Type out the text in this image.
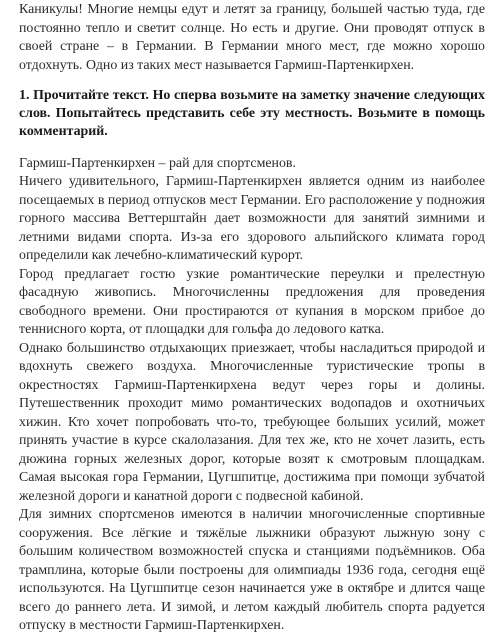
Каникулы! Многие немцы едут и летят за границу, большей частью туда, где постоянно тепло и светит солнце. Но есть и другие. Они проводят отпуск в своей стране – в Германии. В Германии много мест, где можно хорошо отдохнуть. Одно из таких мест называется Гармиш-Партенкирхен.

1. Прочитайте текст. Но сперва возьмите на заметку значение следующих слов. Попытайтесь представить себе эту местность. Возьмите в помощь комментарий.

Гармиш-Партенкирхен – рай для спортсменов.

Ничего удивительного, Гармиш-Партенкирхен является одним из наиболее посещаемых в период отпусков мест Германии. Его расположение у подножия горного массива Веттерштайн дает возможности для занятий зимними и летними видами спорта. Из-за его здорового альпийского климата город определили как лечебно-климатический курорт.

Город предлагает гостю узкие романтические переулки и прелестную фасадную живопись. Многочисленны предложения для проведения свободного времени. Они простираются от купания в морском прибое до теннисного корта, от площадки для гольфа до ледового катка.

Однако большинство отдыхающих приезжает, чтобы насладиться природой и вдохнуть свежего воздуха. Многочисленные туристические тропы в окрестностях Гармиш-Партенкирхена ведут через горы и долины. Путешественник проходит мимо романтических водопадов и охотничьих хижин. Кто хочет попробовать что-то, требующее больших усилий, может принять участие в курсе скалолазания. Для тех же, кто не хочет лазить, есть дюжина горных железных дорог, которые возят к смотровым площадкам. Самая высокая гора Германии, Цугшпитце, достижима при помощи зубчатой железной дороги и канатной дороги с подвесной кабиной.

Для зимних спортсменов имеются в наличии многочисленные спортивные сооружения. Все лёгкие и тяжёлые лыжники образуют лыжную зону с большим количеством возможностей спуска и станциями подъёмников. Оба трамплина, которые были построены для олимпиады 1936 года, сегодня ещё используются. На Цугшпитце сезон начинается уже в октябре и длится чаще всего до раннего лета. И зимой, и летом каждый любитель спорта радуется отпуску в местности Гармиш-Партенкирхен.
